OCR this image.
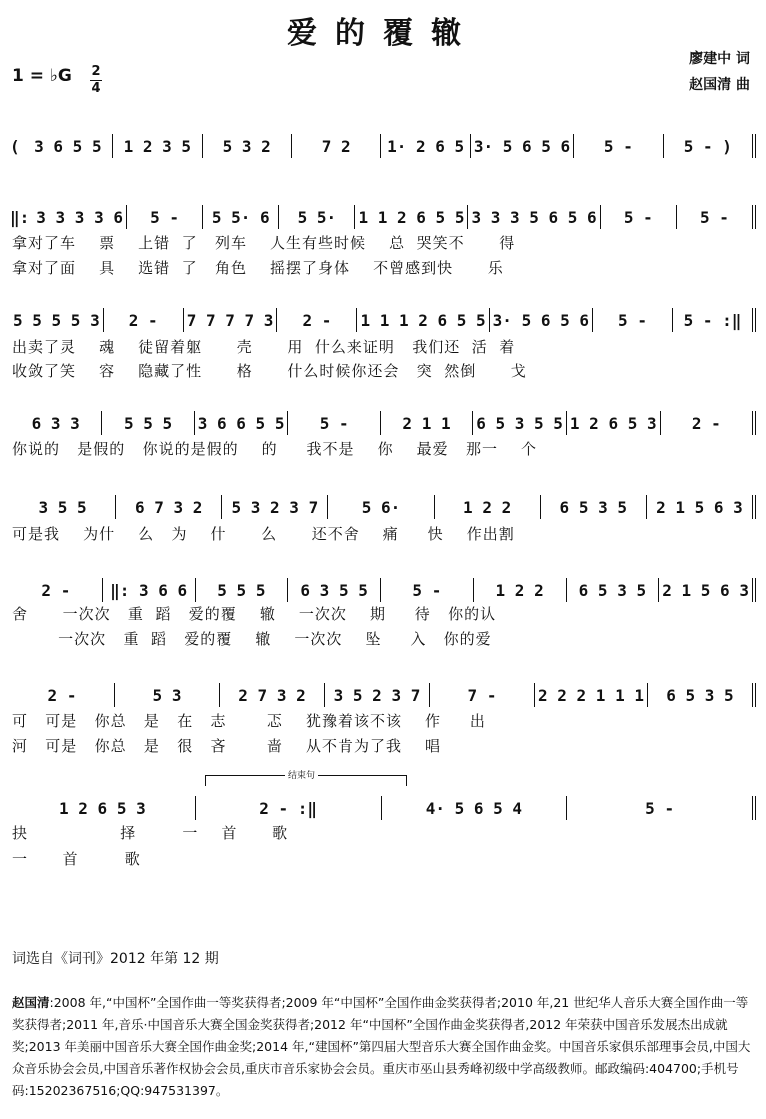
爱的覆辙
廖建中 词
赵国清 曲
1 = ♭G 2
4
( 3 6 5 5	1 2 3 5	5 3 2	7 2	1· 2 6 5 3· 5 6 5 6	5 -	5 - )
‖: 3 3 3 3 6	5 -	5 5· 6	5 5·	1 1 2 6 5 5 3 3 3 5 6 5 6	5 -	5 -
5 5 5 5 3	2 -	7 7 7 7 3	2 -	1 1 1 2 6 5 5 3· 5 6 5 6	5 -	5 - :‖
6 3 3	5 5 5	3 6 6 5 5	5 -	2 1 1	6 5 3 5 5 1 2 6 5 3	2 -
3 5 5	6 7 3 2	5 3 2 3 7	5 6·	1 2 2	6 5 3 5	2 1 5 6 3
2 -	‖: 3 6 6	5 5 5	6 3 5 5	5 -	1 2 2	6 5 3 5	2 1 5 6 3
2 -	5 3	2 7 3 2	3 5 2 3 7	7 -	2 2 2 1 1 1	6 5 3 5
1 2 6 5 3	2 - :‖	4· 5 6 5 4	5 -
拿对了车    票    上错  了   列车    人生有些时候    总  哭笑不      得
拿对了面    具    选错  了   角色    摇摆了身体    不曾感到快      乐
出卖了灵    魂    徒留着躯      壳      用  什么来证明   我们还  活  着
收敛了笑    容    隐藏了性      格      什么时候你还会   突  然倒      戈
你说的   是假的   你说的是假的    的     我不是    你    最爱   那一    个
可是我    为什    么   为    什      么      还不舍    痛     快    作出割
舍      一次次   重  蹈   爱的覆    辙    一次次    期     待   你的认
一次次   重  蹈   爱的覆    辙    一次次    坠     入   你的爱
可   可是   你总   是   在   志       忑    犹豫着该不该    作     出
河   可是   你总   是   很   吝       啬    从不肯为了我    唱
抉                择        一    首      歌
一      首        歌
结束句
词选自《词刊》2012 年第 12 期
赵国清:2008 年,“中国杯”全国作曲一等奖获得者;2009 年“中国杯”全国作曲金奖获得者;2010 年,21 世纪华人音乐大赛全国作曲一等奖获得者;2011 年,音乐·中国音乐大赛全国金奖获得者;2012 年“中国杯”全国作曲金奖获得者,2012 年荣获中国音乐发展杰出成就奖;2013 年美丽中国音乐大赛全国作曲金奖;2014 年,“建国杯”第四届大型音乐大赛全国作曲金奖。中国音乐家俱乐部理事会员,中国大众音乐协会会员,中国音乐著作权协会会员,重庆市音乐家协会会员。重庆市巫山县秀峰初级中学高级教师。邮政编码:404700;手机号码:15202367516;QQ:947531397。
